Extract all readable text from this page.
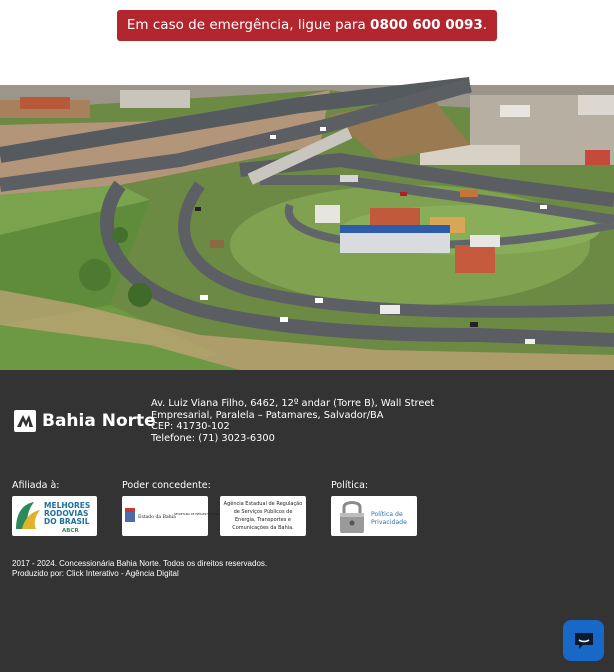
Em caso de emergência, ligue para 0800 600 0093.
Bahia Norte
Av. Luiz Viana Filho, 6462, 12º andar (Torre B), Wall Street
Empresarial, Paralela – Patamares, Salvador/BA
CEP: 41730-102
Telefone: (71) 3023-6300
Afiliada à:	Poder concedente:	Política:
MELHORES
RODOVIAS
DO BRASIL
ABCR
Estado da Bahia
SECRETARIA DE INFRAESTRUTURA
Agência Estadual de Regulação
de Serviços Públicos de
Energia, Transportes e
Comunicações da Bahia.
Política de
Privacidade
2017 - 2024. Concessionária Bahia Norte. Todos os direitos reservados.
Produzido por: Click Interativo - Agência Digital
